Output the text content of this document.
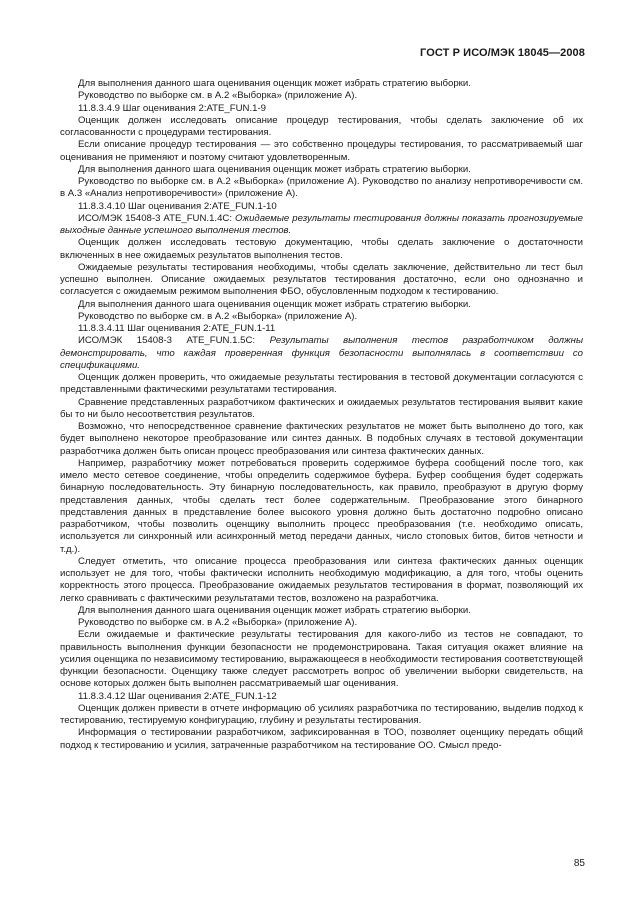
ГОСТ Р ИСО/МЭК 18045—2008

Для выполнения данного шага оценивания оценщик может избрать стратегию выборки.

Руководство по выборке см. в А.2 «Выборка» (приложение А).

11.8.3.4.9 Шаг оценивания 2:ATE_FUN.1-9

Оценщик должен исследовать описание процедур тестирования, чтобы сделать заключение об их согласованности с процедурами тестирования.

Если описание процедур тестирования — это собственно процедуры тестирования, то рассматриваемый шаг оценивания не применяют и поэтому считают удовлетворенным.

Для выполнения данного шага оценивания оценщик может избрать стратегию выборки.

Руководство по выборке см. в А.2 «Выборка» (приложение А). Руководство по анализу непротиворечивости см. в А.3 «Анализ непротиворечивости» (приложение А).

11.8.3.4.10 Шаг оценивания 2:ATE_FUN.1-10

ИСО/МЭК 15408-3 ATE_FUN.1.4C: Ожидаемые результаты тестирования должны показать прогнозируемые выходные данные успешного выполнения тестов.

Оценщик должен исследовать тестовую документацию, чтобы сделать заключение о достаточности включенных в нее ожидаемых результатов выполнения тестов.

Ожидаемые результаты тестирования необходимы, чтобы сделать заключение, действительно ли тест был успешно выполнен. Описание ожидаемых результатов тестирования достаточно, если оно однозначно и согласуется с ожидаемым режимом выполнения ФБО, обусловленным подходом к тестированию.

Для выполнения данного шага оценивания оценщик может избрать стратегию выборки.

Руководство по выборке см. в А.2 «Выборка» (приложение А).

11.8.3.4.11 Шаг оценивания 2:ATE_FUN.1-11

ИСО/МЭК 15408-3 ATE_FUN.1.5C: Результаты выполнения тестов разработчиком должны демонстрировать, что каждая проверенная функция безопасности выполнялась в соответствии со спецификациями.

Оценщик должен проверить, что ожидаемые результаты тестирования в тестовой документации согласуются с представленными фактическими результатами тестирования.

Сравнение представленных разработчиком фактических и ожидаемых результатов тестирования выявит какие бы то ни было несоответствия результатов.

Возможно, что непосредственное сравнение фактических результатов не может быть выполнено до того, как будет выполнено некоторое преобразование или синтез данных. В подобных случаях в тестовой документации разработчика должен быть описан процесс преобразования или синтеза фактических данных.

Например, разработчику может потребоваться проверить содержимое буфера сообщений после того, как имело место сетевое соединение, чтобы определить содержимое буфера. Буфер сообщения будет содержать бинарную последовательность. Эту бинарную последовательность, как правило, преобразуют в другую форму представления данных, чтобы сделать тест более содержательным. Преобразование этого бинарного представления данных в представление более высокого уровня должно быть достаточно подробно описано разработчиком, чтобы позволить оценщику выполнить процесс преобразования (т.е. необходимо описать, используется ли синхронный или асинхронный метод передачи данных, число стоповых битов, битов четности и т.д.).

Следует отметить, что описание процесса преобразования или синтеза фактических данных оценщик использует не для того, чтобы фактически исполнить необходимую модификацию, а для того, чтобы оценить корректность этого процесса. Преобразование ожидаемых результатов тестирования в формат, позволяющий их легко сравнивать с фактическими результатами тестов, возложено на разработчика.

Для выполнения данного шага оценивания оценщик может избрать стратегию выборки.

Руководство по выборке см. в А.2 «Выборка» (приложение А).

Если ожидаемые и фактические результаты тестирования для какого-либо из тестов не совпадают, то правильность выполнения функции безопасности не продемонстрирована. Такая ситуация окажет влияние на усилия оценщика по независимому тестированию, выражающееся в необходимости тестирования соответствующей функции безопасности. Оценщику также следует рассмотреть вопрос об увеличении выборки свидетельств, на основе которых должен быть выполнен рассматриваемый шаг оценивания.

11.8.3.4.12 Шаг оценивания 2:ATE_FUN.1-12

Оценщик должен привести в отчете информацию об усилиях разработчика по тестированию, выделив подход к тестированию, тестируемую конфигурацию, глубину и результаты тестирования.

Информация о тестировании разработчиком, зафиксированная в ТОО, позволяет оценщику передать общий подход к тестированию и усилия, затраченные разработчиком на тестирование ОО. Смысл предо-

85
